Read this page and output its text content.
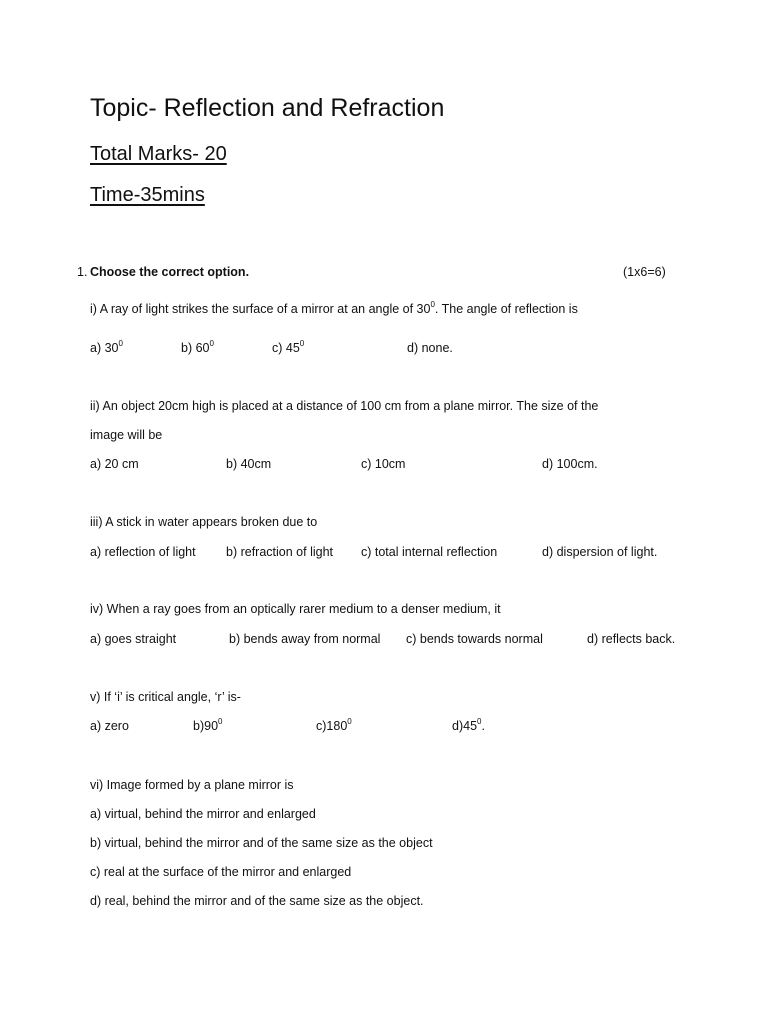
Topic- Reflection and Refraction
Total Marks- 20
Time-35mins
1. Choose the correct option.	(1x6=6)
i) A ray of light strikes the surface of a mirror at an angle of $30^0$. The angle of reflection is
a) $30^0$	b) $60^0$	c) $45^0$	d) none.
ii) An object 20cm high is placed at a distance of 100 cm from a plane mirror. The size of the
image will be
a) 20 cm	b) 40cm	c) 10cm	d) 100cm.
iii) A stick in water appears broken due to
a) reflection of light b) refraction of light c) total internal reflection	d) dispersion of light.
iv) When a ray goes from an optically rarer medium to a denser medium, it
a) goes straight	b) bends away from normal c) bends towards normal	d) reflects back.
v) If ‘i’ is critical angle, ‘r’ is-
a) zero	$b)90^0$	$c)180^0$	$d)45^0$.
vi) Image formed by a plane mirror is
a) virtual, behind the mirror and enlarged
b) virtual, behind the mirror and of the same size as the object
c) real at the surface of the mirror and enlarged
d) real, behind the mirror and of the same size as the object.
